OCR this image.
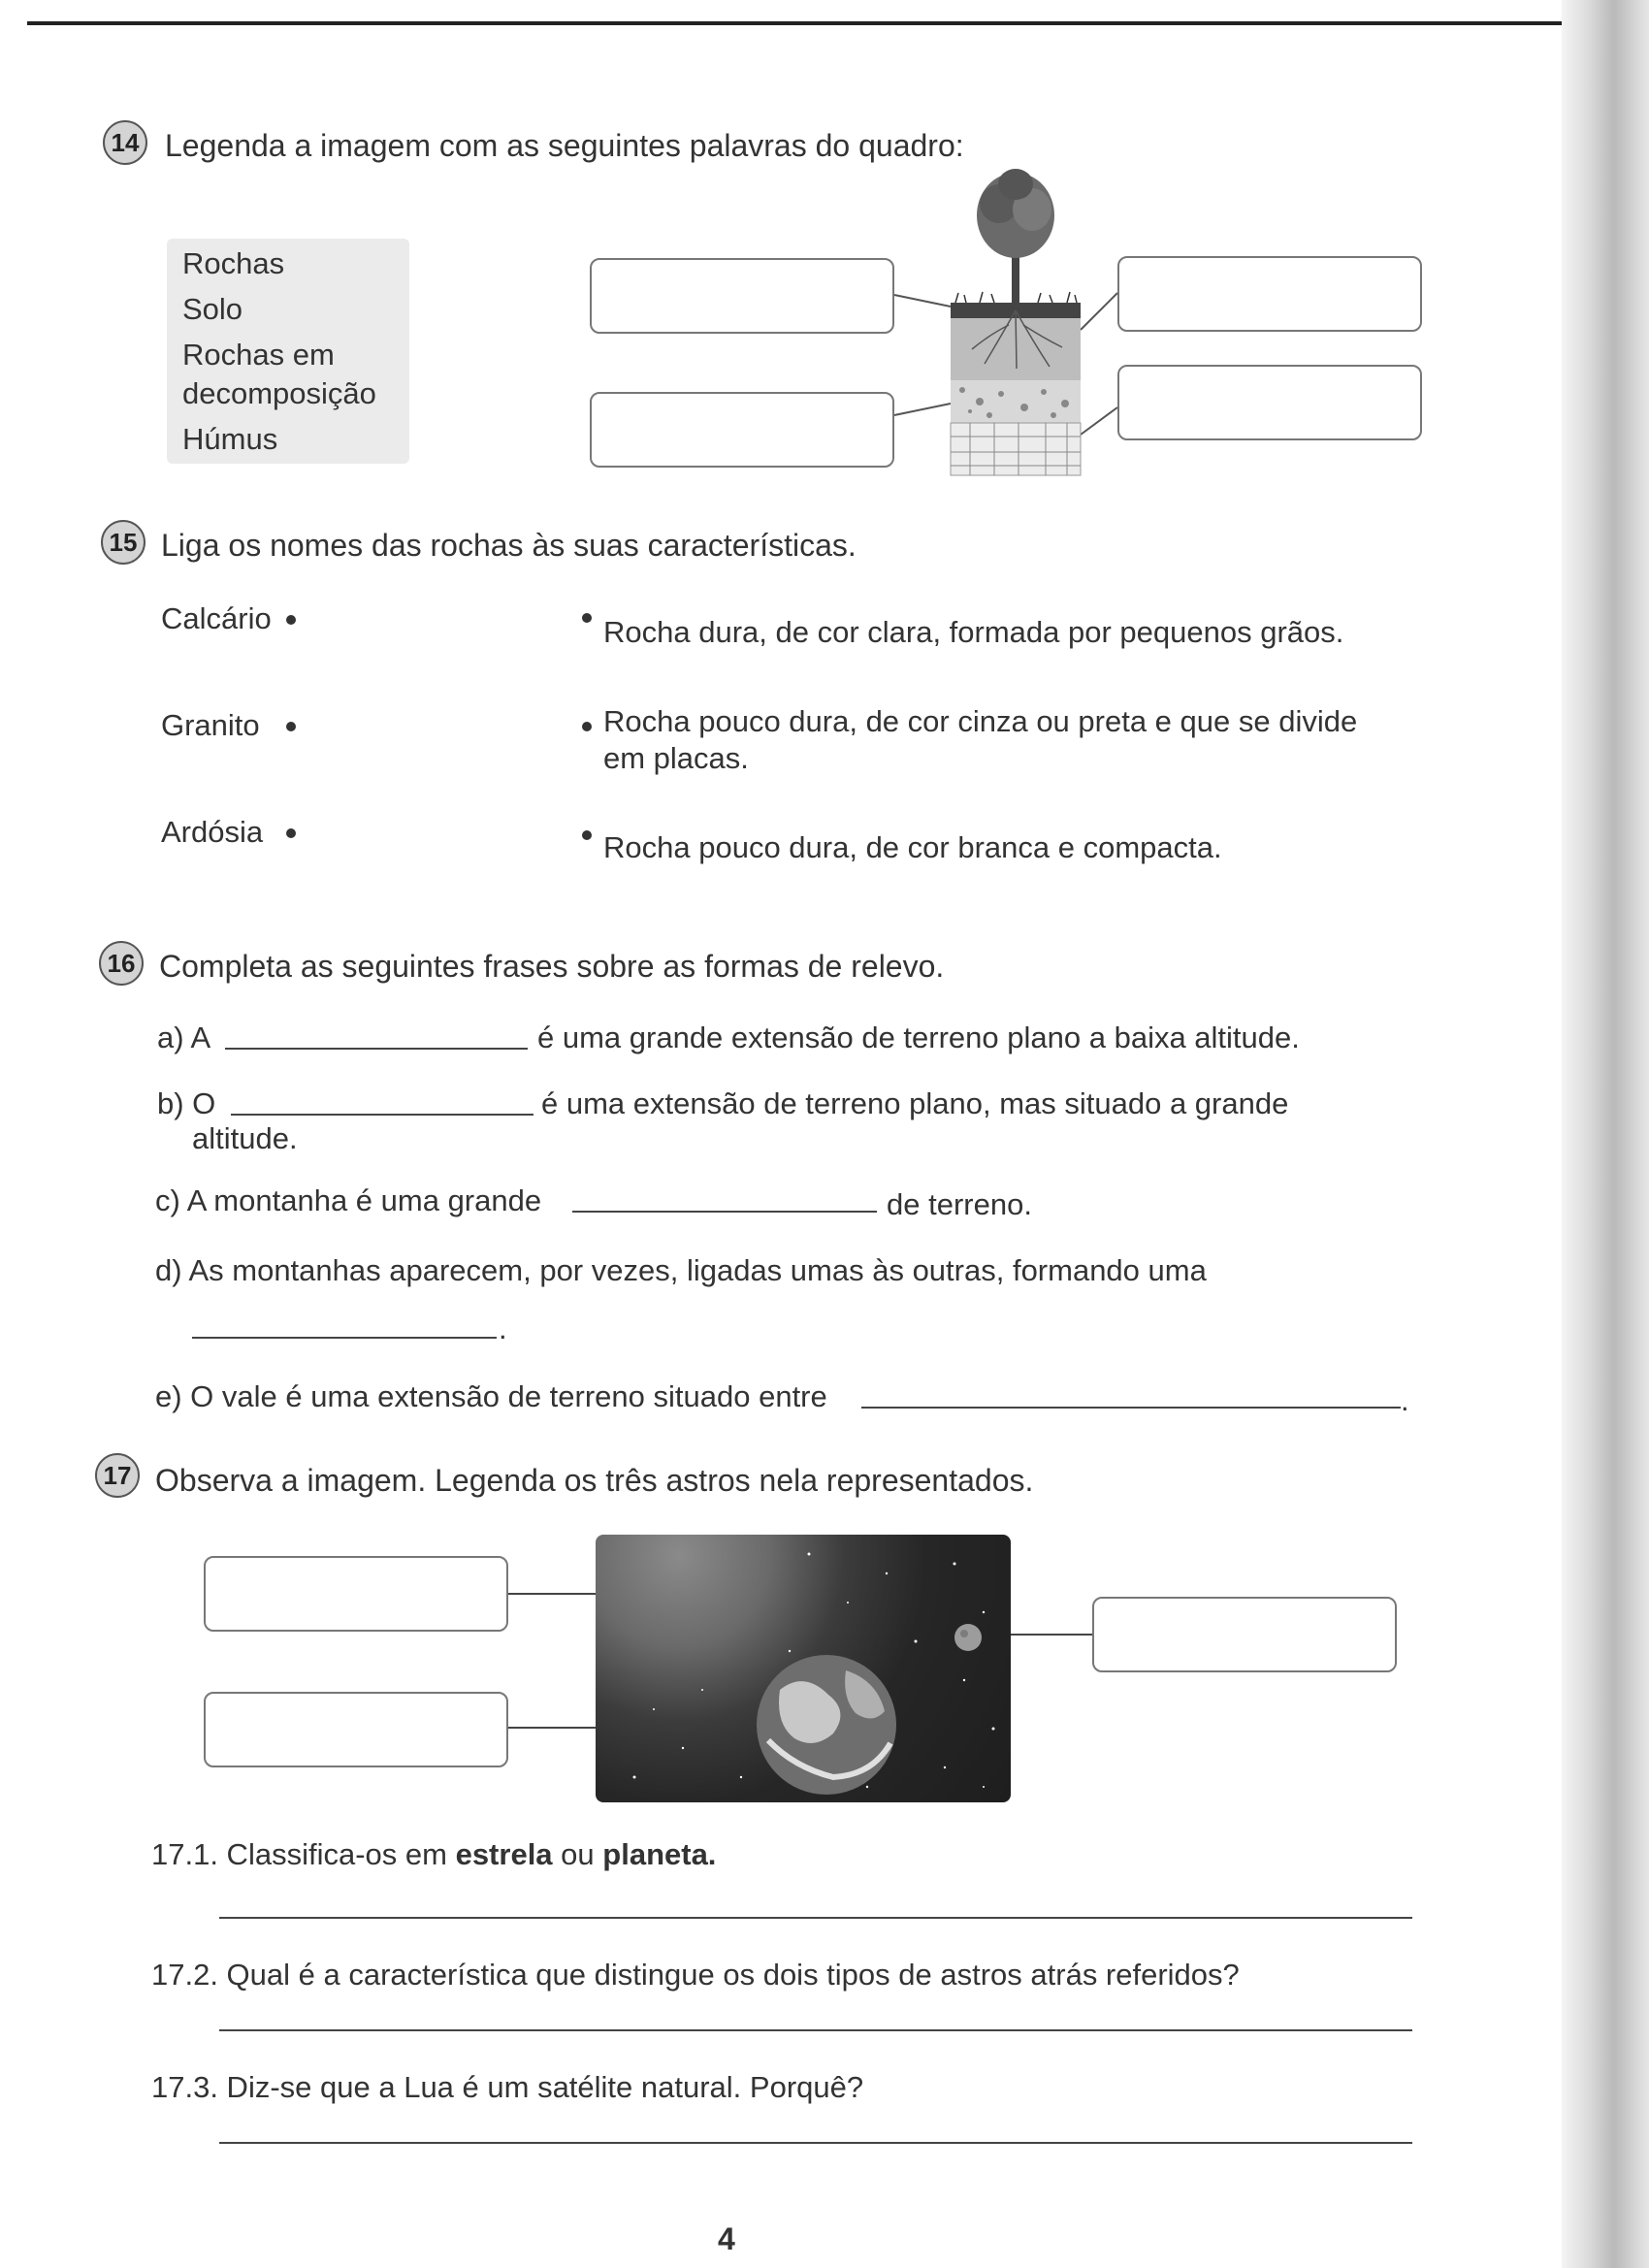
14 Legenda a imagem com as seguintes palavras do quadro:
Rochas
Solo
Rochas em
decomposição
Húmus
15 Liga os nomes das rochas às suas características.
Calcário
Granito
Ardósia
Rocha dura, de cor clara, formada por pequenos grãos.
Rocha pouco dura, de cor cinza ou preta e que se divide
em placas.
Rocha pouco dura, de cor branca e compacta.
16 Completa as seguintes frases sobre as formas de relevo.
a) A	é uma grande extensão de terreno plano a baixa altitude.
b) O	é uma extensão de terreno plano, mas situado a grande
altitude.
c) A montanha é uma grande	de terreno.
d) As montanhas aparecem, por vezes, ligadas umas às outras, formando uma
.
e) O vale é uma extensão de terreno situado entre	.
17 Observa a imagem. Legenda os três astros nela representados.
17.1. Classifica-os em estrela ou planeta.
17.2. Qual é a característica que distingue os dois tipos de astros atrás referidos?
17.3. Diz-se que a Lua é um satélite natural. Porquê?
4
